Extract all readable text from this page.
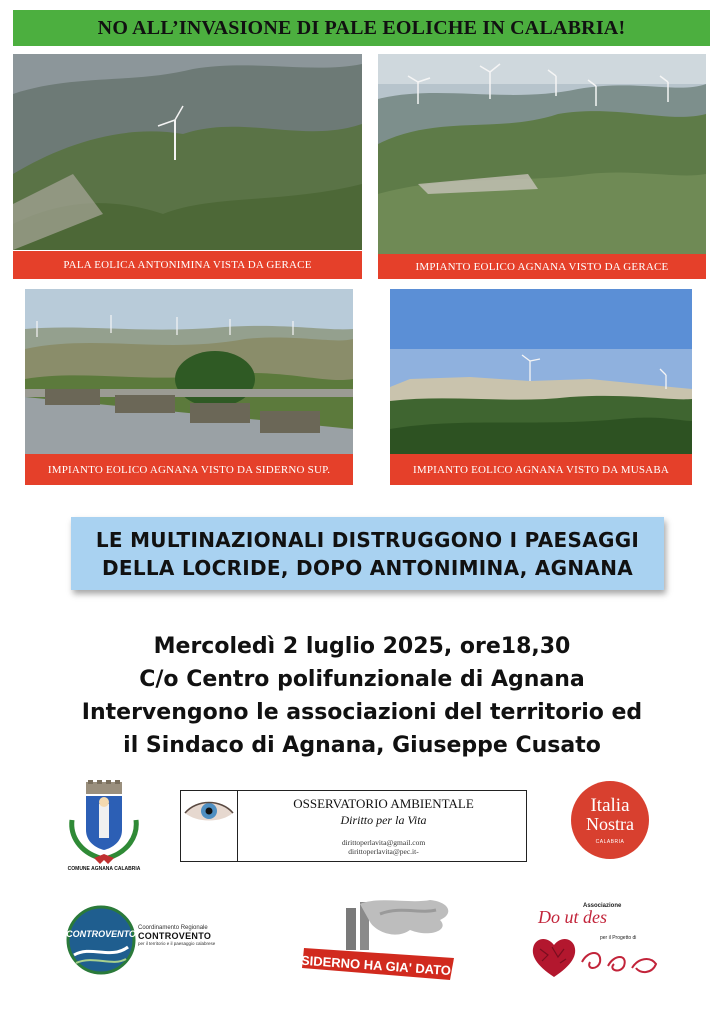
NO ALL’INVASIONE DI PALE EOLICHE IN CALABRIA!
PALA EOLICA ANTONIMINA VISTA DA GERACE	IMPIANTO EOLICO AGNANA VISTO DA GERACE
IMPIANTO EOLICO AGNANA VISTO DA SIDERNO SUP.	IMPIANTO EOLICO AGNANA VISTO DA MUSABA
LE MULTINAZIONALI DISTRUGGONO I PAESAGGI
DELLA LOCRIDE, DOPO ANTONIMINA, AGNANA
Mercoledì 2 luglio 2025, ore18,30
C/o Centro polifunzionale di Agnana
Intervengono le associazioni del territorio ed
il Sindaco di Agnana, Giuseppe Cusato
COMUNE AGNANA CALABRIA
OSSERVATORIO AMBIENTALE
Diritto per la Vita
dirittoperlavita@gmail.com
dirittoperlavita@pec.it-
Italia
Nostra
CALABRIA
CONTROVENTO
Coordinamento Regionale
CONTROVENTO
per il territorio e il paesaggio calabrese
SIDERNO HA GIA' DATO!
Associazione
Do ut des
per il Progetto di
